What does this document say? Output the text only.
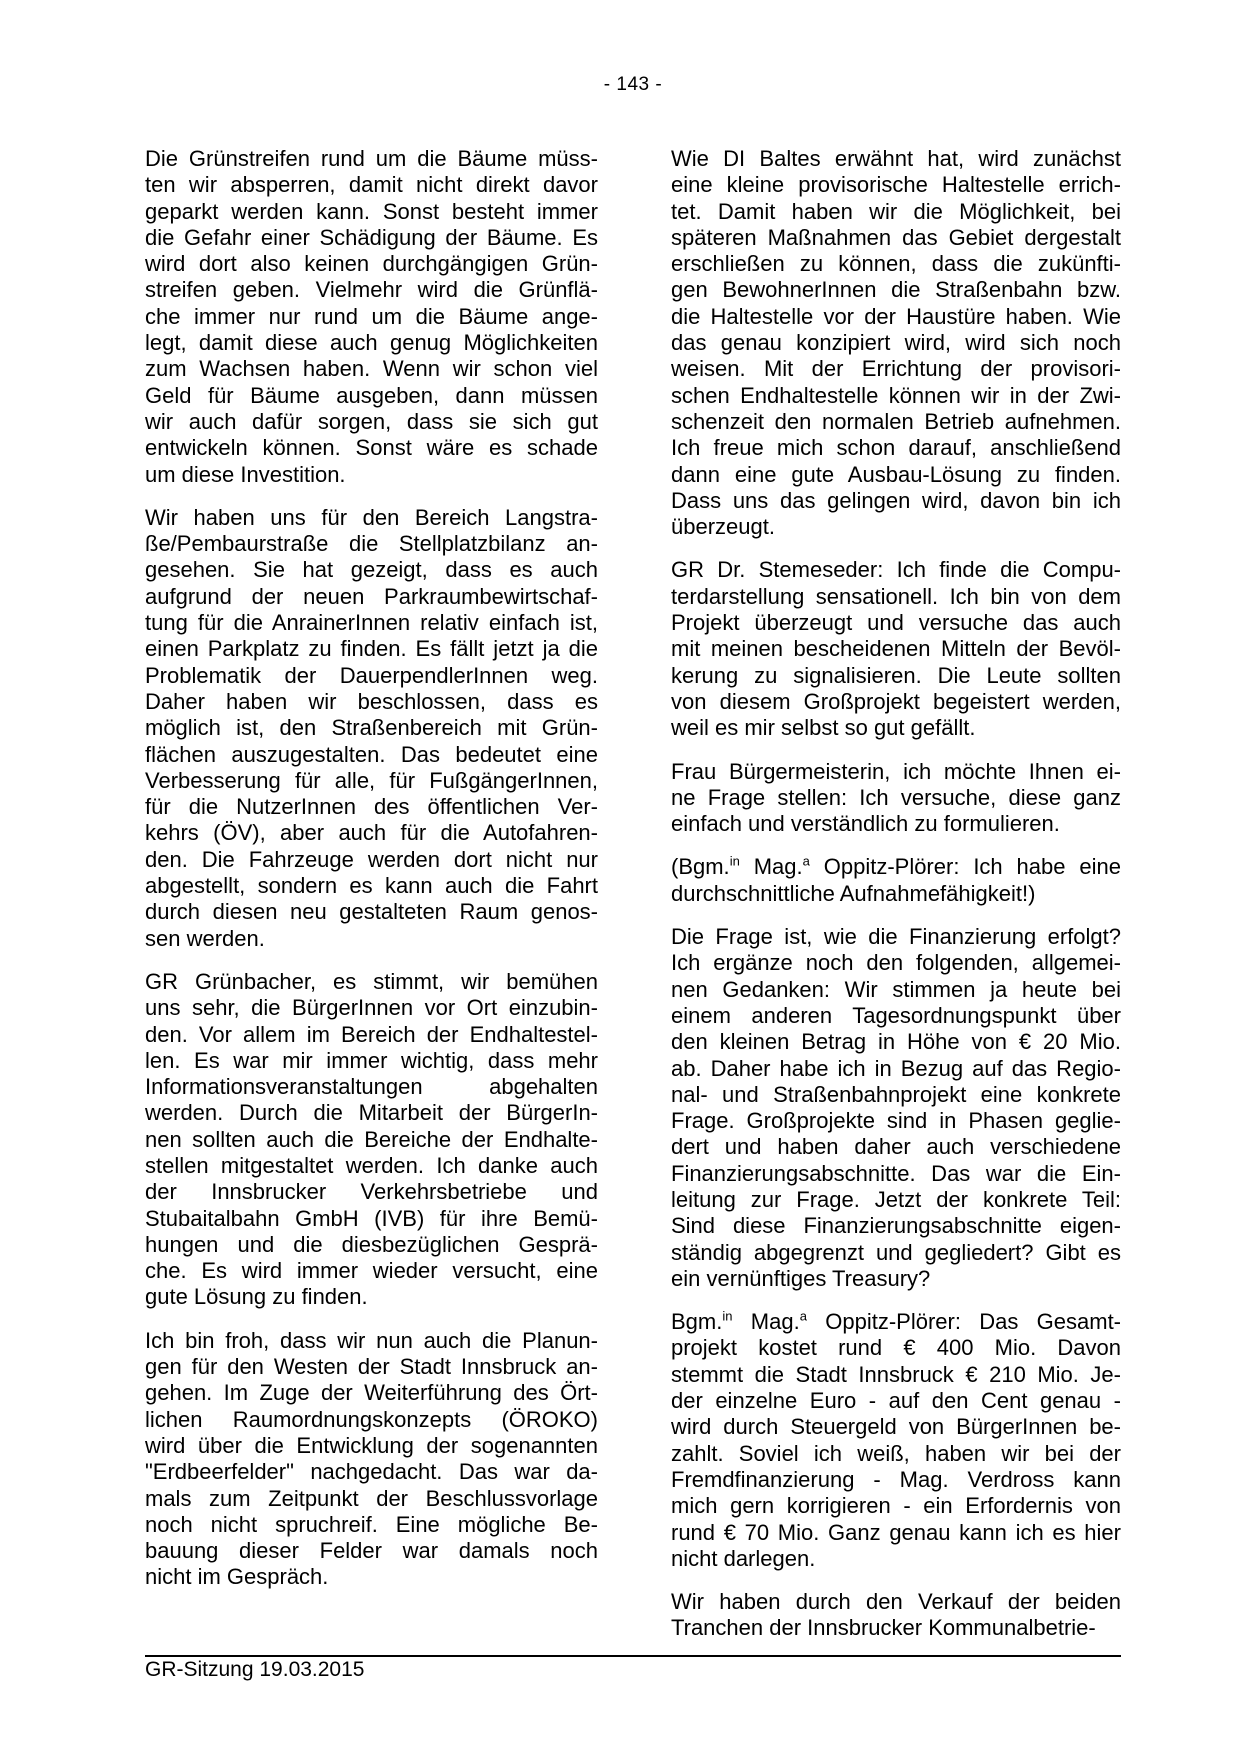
- 143 -
Die Grünstreifen rund um die Bäume müss-
ten wir absperren, damit nicht direkt davor
geparkt werden kann. Sonst besteht immer
die Gefahr einer Schädigung der Bäume. Es
wird dort also keinen durchgängigen Grün-
streifen geben. Vielmehr wird die Grünflä-
che immer nur rund um die Bäume ange-
legt, damit diese auch genug Möglichkeiten
zum Wachsen haben. Wenn wir schon viel
Geld für Bäume ausgeben, dann müssen
wir auch dafür sorgen, dass sie sich gut
entwickeln können. Sonst wäre es schade
um diese Investition.
Wir haben uns für den Bereich Langstra-
ße/Pembaurstraße die Stellplatzbilanz an-
gesehen. Sie hat gezeigt, dass es auch
aufgrund der neuen Parkraumbewirtschaf-
tung für die AnrainerInnen relativ einfach ist,
einen Parkplatz zu finden. Es fällt jetzt ja die
Problematik der DauerpendlerInnen weg.
Daher haben wir beschlossen, dass es
möglich ist, den Straßenbereich mit Grün-
flächen auszugestalten. Das bedeutet eine
Verbesserung für alle, für FußgängerInnen,
für die NutzerInnen des öffentlichen Ver-
kehrs (ÖV), aber auch für die Autofahren-
den. Die Fahrzeuge werden dort nicht nur
abgestellt, sondern es kann auch die Fahrt
durch diesen neu gestalteten Raum genos-
sen werden.
GR Grünbacher, es stimmt, wir bemühen
uns sehr, die BürgerInnen vor Ort einzubin-
den. Vor allem im Bereich der Endhaltestel-
len. Es war mir immer wichtig, dass mehr
Informationsveranstaltungen abgehalten
werden. Durch die Mitarbeit der BürgerIn-
nen sollten auch die Bereiche der Endhalte-
stellen mitgestaltet werden. Ich danke auch
der Innsbrucker Verkehrsbetriebe und
Stubaitalbahn GmbH (IVB) für ihre Bemü-
hungen und die diesbezüglichen Gesprä-
che. Es wird immer wieder versucht, eine
gute Lösung zu finden.
Ich bin froh, dass wir nun auch die Planun-
gen für den Westen der Stadt Innsbruck an-
gehen. Im Zuge der Weiterführung des Ört-
lichen Raumordnungskonzepts (ÖROKO)
wird über die Entwicklung der sogenannten
"Erdbeerfelder" nachgedacht. Das war da-
mals zum Zeitpunkt der Beschlussvorlage
noch nicht spruchreif. Eine mögliche Be-
bauung dieser Felder war damals noch
nicht im Gespräch.
Wie DI Baltes erwähnt hat, wird zunächst
eine kleine provisorische Haltestelle errich-
tet. Damit haben wir die Möglichkeit, bei
späteren Maßnahmen das Gebiet dergestalt
erschließen zu können, dass die zukünfti-
gen BewohnerInnen die Straßenbahn bzw.
die Haltestelle vor der Haustüre haben. Wie
das genau konzipiert wird, wird sich noch
weisen. Mit der Errichtung der provisori-
schen Endhaltestelle können wir in der Zwi-
schenzeit den normalen Betrieb aufnehmen.
Ich freue mich schon darauf, anschließend
dann eine gute Ausbau-Lösung zu finden.
Dass uns das gelingen wird, davon bin ich
überzeugt.
GR Dr. Stemeseder: Ich finde die Compu-
terdarstellung sensationell. Ich bin von dem
Projekt überzeugt und versuche das auch
mit meinen bescheidenen Mitteln der Bevöl-
kerung zu signalisieren. Die Leute sollten
von diesem Großprojekt begeistert werden,
weil es mir selbst so gut gefällt.
Frau Bürgermeisterin, ich möchte Ihnen ei-
ne Frage stellen: Ich versuche, diese ganz
einfach und verständlich zu formulieren.
(Bgm.$^{in}$ Mag.$^a$ Oppitz-Plörer: Ich habe eine
durchschnittliche Aufnahmefähigkeit!)
Die Frage ist, wie die Finanzierung erfolgt?
Ich ergänze noch den folgenden, allgemei-
nen Gedanken: Wir stimmen ja heute bei
einem anderen Tagesordnungspunkt über
den kleinen Betrag in Höhe von € 20 Mio.
ab. Daher habe ich in Bezug auf das Regio-
nal- und Straßenbahnprojekt eine konkrete
Frage. Großprojekte sind in Phasen geglie-
dert und haben daher auch verschiedene
Finanzierungsabschnitte. Das war die Ein-
leitung zur Frage. Jetzt der konkrete Teil:
Sind diese Finanzierungsabschnitte eigen-
ständig abgegrenzt und gegliedert? Gibt es
ein vernünftiges Treasury?
Bgm.$^{in}$ Mag.$^a$ Oppitz-Plörer: Das Gesamt-
projekt kostet rund € 400 Mio. Davon
stemmt die Stadt Innsbruck € 210 Mio. Je-
der einzelne Euro - auf den Cent genau -
wird durch Steuergeld von BürgerInnen be-
zahlt. Soviel ich weiß, haben wir bei der
Fremdfinanzierung - Mag. Verdross kann
mich gern korrigieren - ein Erfordernis von
rund € 70 Mio. Ganz genau kann ich es hier
nicht darlegen.
Wir haben durch den Verkauf der beiden
Tranchen der Innsbrucker Kommunalbetrie-
GR-Sitzung 19.03.2015
